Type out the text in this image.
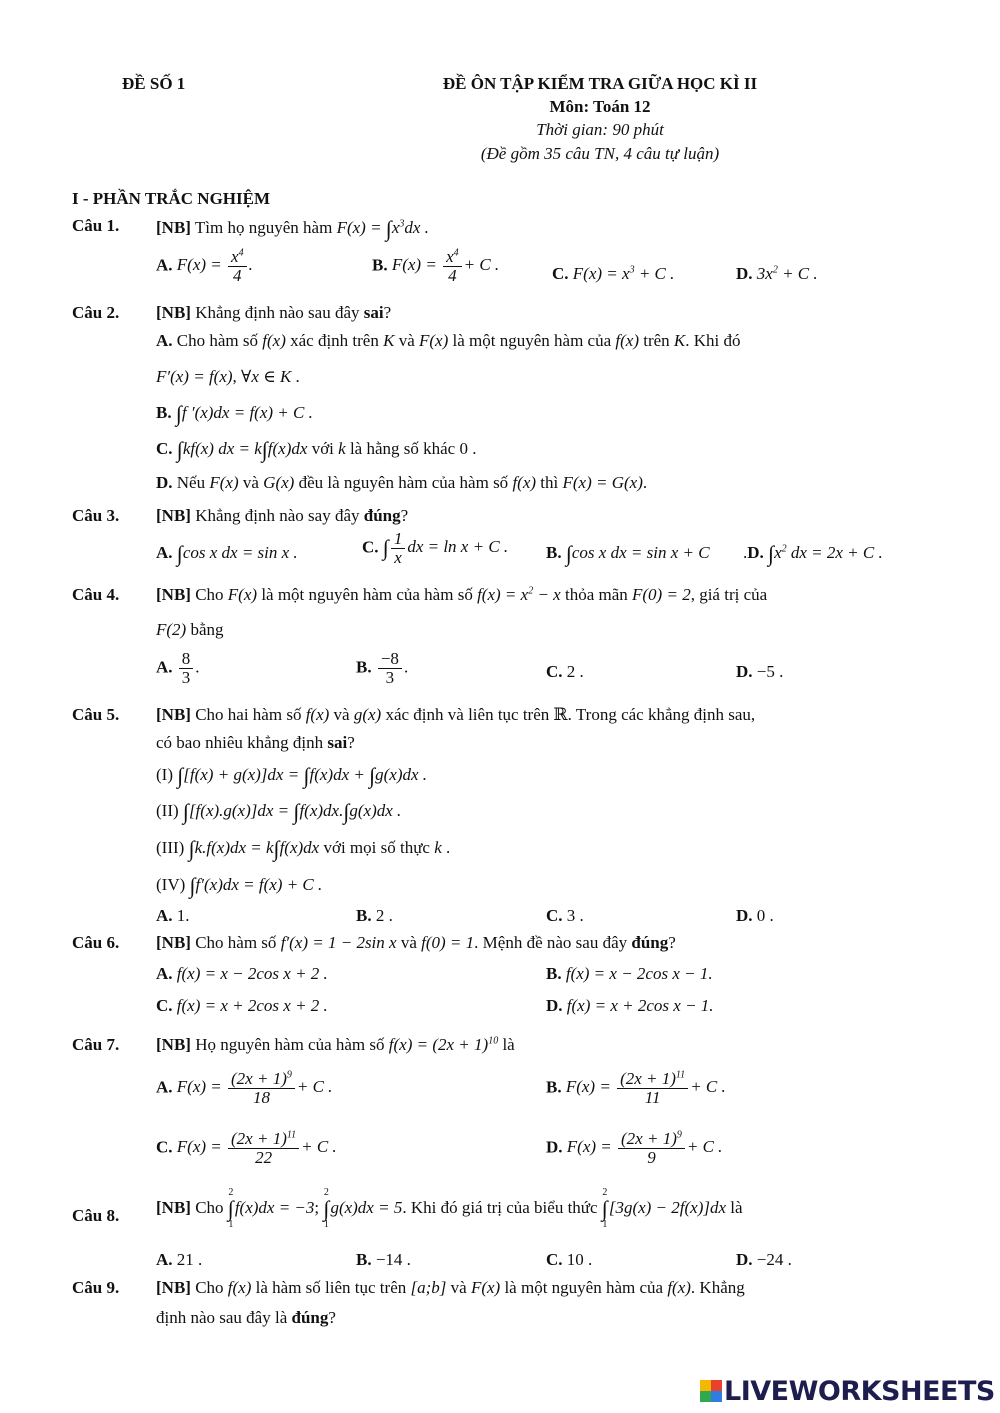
ĐỀ SỐ 1	ĐỀ ÔN TẬP KIỂM TRA GIỮA HỌC KÌ II
Môn: Toán 12
Thời gian: 90 phút
(Đề gồm 35 câu TN, 4 câu tự luận)
I - PHẦN TRẮC NGHIỆM
Câu 1. [NB] Tìm họ nguyên hàm $F(x) = \int x^3dx$ .
A. $F(x) = \frac{x^4}{4}$ .	B. $F(x) = \frac{x^4}{4} + C$ .	C. $F(x) = x^3 + C$ .	D. $3x^2 + C$ .
Câu 2. [NB] Khẳng định nào sau đây sai?
A. Cho hàm số f(x) xác định trên K và F(x) là một nguyên hàm của f(x) trên K. Khi đó
F′(x) = f(x), ∀x ∈ K .
B. ∫f ′(x)dx = f(x) + C .
C. ∫kf(x) dx = k∫f(x)dx với k là hằng số khác 0 .
D. Nếu F(x) và G(x) đều là nguyên hàm của hàm số f(x) thì F(x) = G(x).
Câu 3. [NB] Khẳng định nào say đây đúng?
A. ∫cos x dx = sin x .	C. ∫ $\frac{1}{x}$ dx = ln x + C . B. ∫cos x dx = sin x + C .D. $\int x^2$ dx = 2x + C .
Câu 4. [NB] Cho F(x) là một nguyên hàm của hàm số $f(x) = x^2 - x$ thỏa mãn F(0) = 2, giá trị của
F(2) bằng
A. $\frac{8}{3}$ .	B. $\frac{-8}{3}$ .	C. 2 .	D. −5 .
Câu 5. [NB] Cho hai hàm số f(x) và g(x) xác định và liên tục trên ℝ. Trong các khẳng định sau,
có bao nhiêu khẳng định sai?
(I) ∫[f(x) + g(x)]dx = ∫f(x)dx + ∫g(x)dx .
(II) ∫[f(x).g(x)]dx = ∫f(x)dx.∫g(x)dx .
(III) ∫k.f(x)dx = k∫f(x)dx với mọi số thực k .
(IV) ∫f′(x)dx = f(x) + C .
A. 1.	B. 2 .	C. 3 .	D. 0 .
Câu 6. [NB] Cho hàm số f′(x) = 1 − 2sin x và f(0) = 1. Mệnh đề nào sau đây đúng?
A. f(x) = x − 2cos x + 2 .	B. f(x) = x − 2cos x − 1.
C. f(x) = x + 2cos x + 2 .	D. f(x) = x + 2cos x − 1.
Câu 7. [NB] Họ nguyên hàm của hàm số $f(x) = (2x + 1)^{10}$ là
A. $F(x) = \frac{(2x + 1)^9}{18} + C$ .	B. $F(x) = \frac{(2x + 1)^{11}}{11} + C$ .
C. $F(x) = \frac{(2x + 1)^{11}}{22} + C$ .	D. $F(x) = \frac{(2x + 1)^9}{9} + C$ .
Câu 8. [NB] Cho
2
∫
1
f(x)dx = −3;
2
∫
1
g(x)dx = 5. Khi đó giá trị của biểu thức
2
∫
1
[3g(x) − 2f(x)]dx là
A. 21 .	B. −14 .	C. 10 .	D. −24 .
Câu 9. [NB] Cho f(x) là hàm số liên tục trên [a;b] và F(x) là một nguyên hàm của f(x). Khẳng
định nào sau đây là đúng?
LIVEWORKSHEETS
